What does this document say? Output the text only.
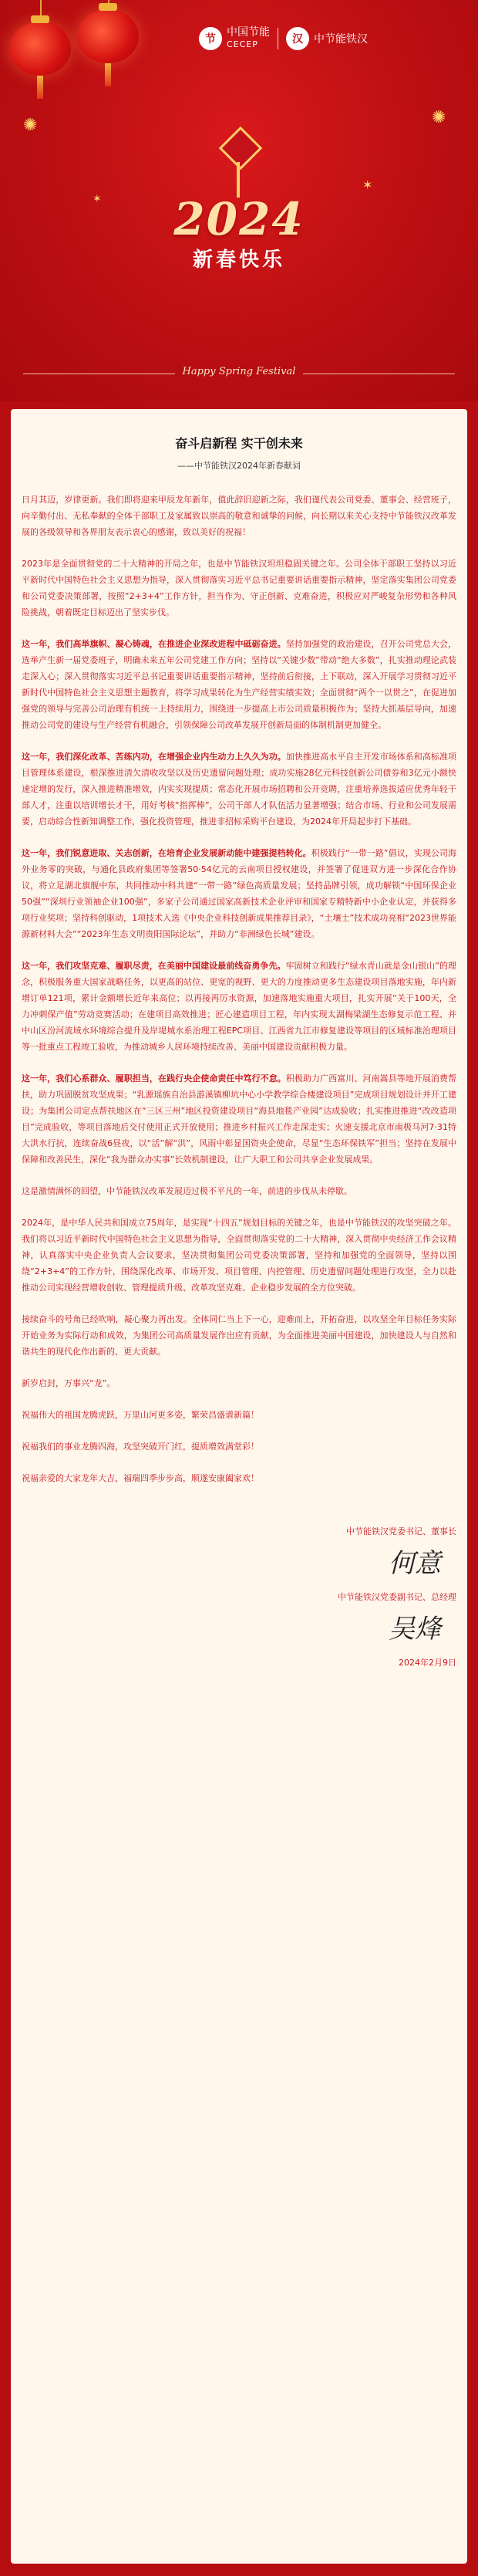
✺	✺
✶
✶
节
中国节能
CECEP	汉	中节能铁汉
2024
新春快乐
Happy Spring Festival
奋斗启新程 实干创未来
——中节能铁汉2024年新春献词

日月其迈，岁律更新。我们即将迎来甲辰龙年新年，值此辞旧迎新之际，我们谨代表公司党委、董事会、经营班子，向辛勤付出、无私奉献的全体干部职工及家属致以崇高的敬意和诚挚的问候，向长期以来关心支持中节能铁汉改革发展的各级领导和各界朋友表示衷心的感谢，致以美好的祝福！

2023年是全面贯彻党的二十大精神的开局之年，也是中节能铁汉坦坦稳固关键之年。公司全体干部职工坚持以习近平新时代中国特色社会主义思想为指导，深入贯彻落实习近平总书记重要讲话重要指示精神，坚定落实集团公司党委和公司党委决策部署，按照“2+3+4”工作方针，担当作为、守正创新、克难奋进，积极应对严峻复杂形势和各种风险挑战，朝着既定目标迈出了坚实步伐。

这一年，我们高举旗帜、凝心铸魂，在推进企业深改进程中砥砺奋进。坚持加强党的政治建设，召开公司党总大会，选举产生新一届党委班子，明确未来五年公司党建工作方向；坚持以“关键少数”带动“绝大多数”，扎实推动理论武装走深入心；深入贯彻落实习近平总书记重要讲话重要指示精神，坚持前后衔接，上下联动，深入开展学习贯彻习近平新时代中国特色社会主义思想主题教育，将学习成果转化为生产经营实绩实效；全面贯彻“两个一以贯之”，在促进加强党的领导与完善公司治理有机统一上持续用力，围绕进一步提高上市公司质量积极作为；坚持大抓基层导向，加速推动公司党的建设与生产经营有机融合，引领保障公司改革发展开创新局面的体制机制更加健全。

这一年，我们深化改革、苦练内功，在增强企业内生动力上久久为功。加快推进高水平自主开发市场体系和高标准项目管理体系建设，根深推进清欠清收攻坚以及历史遗留问题处理；成功实施28亿元科技创新公司债券和3亿元小额快速定增的发行，深入推进精准增效，内实实现提质；常态化开展市场招聘和公开竞聘，注重培养选拔适应优秀年轻干部人才，注重以培训增长才干，用好考核“指挥棒”，公司干部人才队伍活力显著增强；结合市场、行业和公司发展需要，启动综合性新知调整工作，强化投资管理，推进非招标采购平台建设，为2024年开局起步打下基础。

这一年，我们锐意进取、关志创新，在培育企业发展新动能中建强提档转化。积极践行“一带一路”倡议，实现公司海外业务零的突破，与通化县政府集团等签署50·54亿元的云南项目授权建设，并签署了促进双方进一步深化合作协议，将立足湖北旗舰中东，共同推动中科共建“一带一路”绿色高质量发展；坚持品牌引领，成功解锁“中国环保企业50强”“深圳行业领袖企业100强”，多家子公司通过国家高新技术企业评审和国家专精特新中小企业认定，并获得多项行业奖项；坚持科创驱动，1项技术入选《中央企业科技创新成果推荐目录》，“土壤土”技术成功亮相“2023世界能源新材料大会”“2023年生态文明贵阳国际论坛”，并助力“非洲绿色长城”建设。

这一年，我们攻坚克难、履职尽责，在美丽中国建设最前线奋勇争先。牢固树立和践行“绿水青山就是金山银山”的理念，积极服务重大国家战略任务，以更高的站位、更宽的视野、更大的力度推动更多生态建设项目落地实施，年内新增订单121项，累计金额增长近年来高位；以再接再厉水资源，加速落地实施重大项目，扎实开展“关于100天，全力冲刺保产值”劳动竞赛活动；在建项目高效推进；匠心建造项目工程，年内实现太湖梅梁湖生态修复示范工程、并中山区汾河流域水环境综合提升及岸堤城水系治理工程EPC项目、江西省九江市修复建设等项目的区域标准治理项目等一批重点工程竣工验收，为推动城乡人居环境持续改善、美丽中国建设贡献积极力量。

这一年，我们心系群众、履职担当，在践行央企使命责任中笃行不怠。积极助力广西富川、河南嵩县等地开展消费帮扶，助力巩固脱贫攻坚成果；“乳源瑶族自治县游溪镇柳坑中心小学教学综合楼建设项目”完成项目规划设计并开工建设；为集团公司定点帮扶地区在“三区三州”地区投资建设项目“海县地毯产业园”达成验收；扎实推进推进“改改造项目”完成验收，等项目落地后交付使用正式开放使用；推进乡村振兴工作走深走实；火速支援北京市南极马河7·31特大洪水行抗，连续奋战6昼夜，以“活”解“洪”，风雨中彰显国资央企使命，尽显“生态环保铁军”担当；坚持在发展中保障和改善民生，深化“我为群众办实事”长效机制建设，让广大职工和公司共享企业发展成果。

这是激情满怀的回望，中节能铁汉改革发展迈过极不平凡的一年，前进的步伐从未停歇。

2024年，是中华人民共和国成立75周年，是实现“十四五”规划目标的关键之年，也是中节能铁汉的攻坚突破之年。我们将以习近平新时代中国特色社会主义思想为指导，全面贯彻落实党的二十大精神，深入贯彻中央经济工作会议精神，认真落实中央企业负责人会议要求，坚决贯彻集团公司党委决策部署，坚持和加强党的全面领导，坚持以围绕“2+3+4”的工作方针，围绕深化改革、市场开发、项目管理、内控管理、历史遗留问题处理进行攻坚，全力以赴推动公司实现经营增收创收、管理提质升级、改革攻坚克难、企业稳步发展的全方位突破。

接续奋斗的号角已经吹响，凝心聚力再出发。全体同仁当上下一心，迎难而上，开拓奋进，以攻坚全年目标任务实际开始业务为实际行动和成效，为集团公司高质量发展作出应有贡献，为全面推进美丽中国建设，加快建设人与自然和谐共生的现代化作出新的、更大贡献。

新岁启封，万事兴“龙”。

祝福伟大的祖国龙腾虎跃，万里山河更多姿，繁荣昌盛谱新篇！

祝福我们的事业龙腾四海，攻坚突破开门红，提质增效满堂彩！

祝福亲爱的大家龙年大吉，福瑞四季步步高，顺遂安康阖家欢！

中节能铁汉党委书记、董事长
何意
中节能铁汉党委副书记、总经理
吴烽
2024年2月9日
